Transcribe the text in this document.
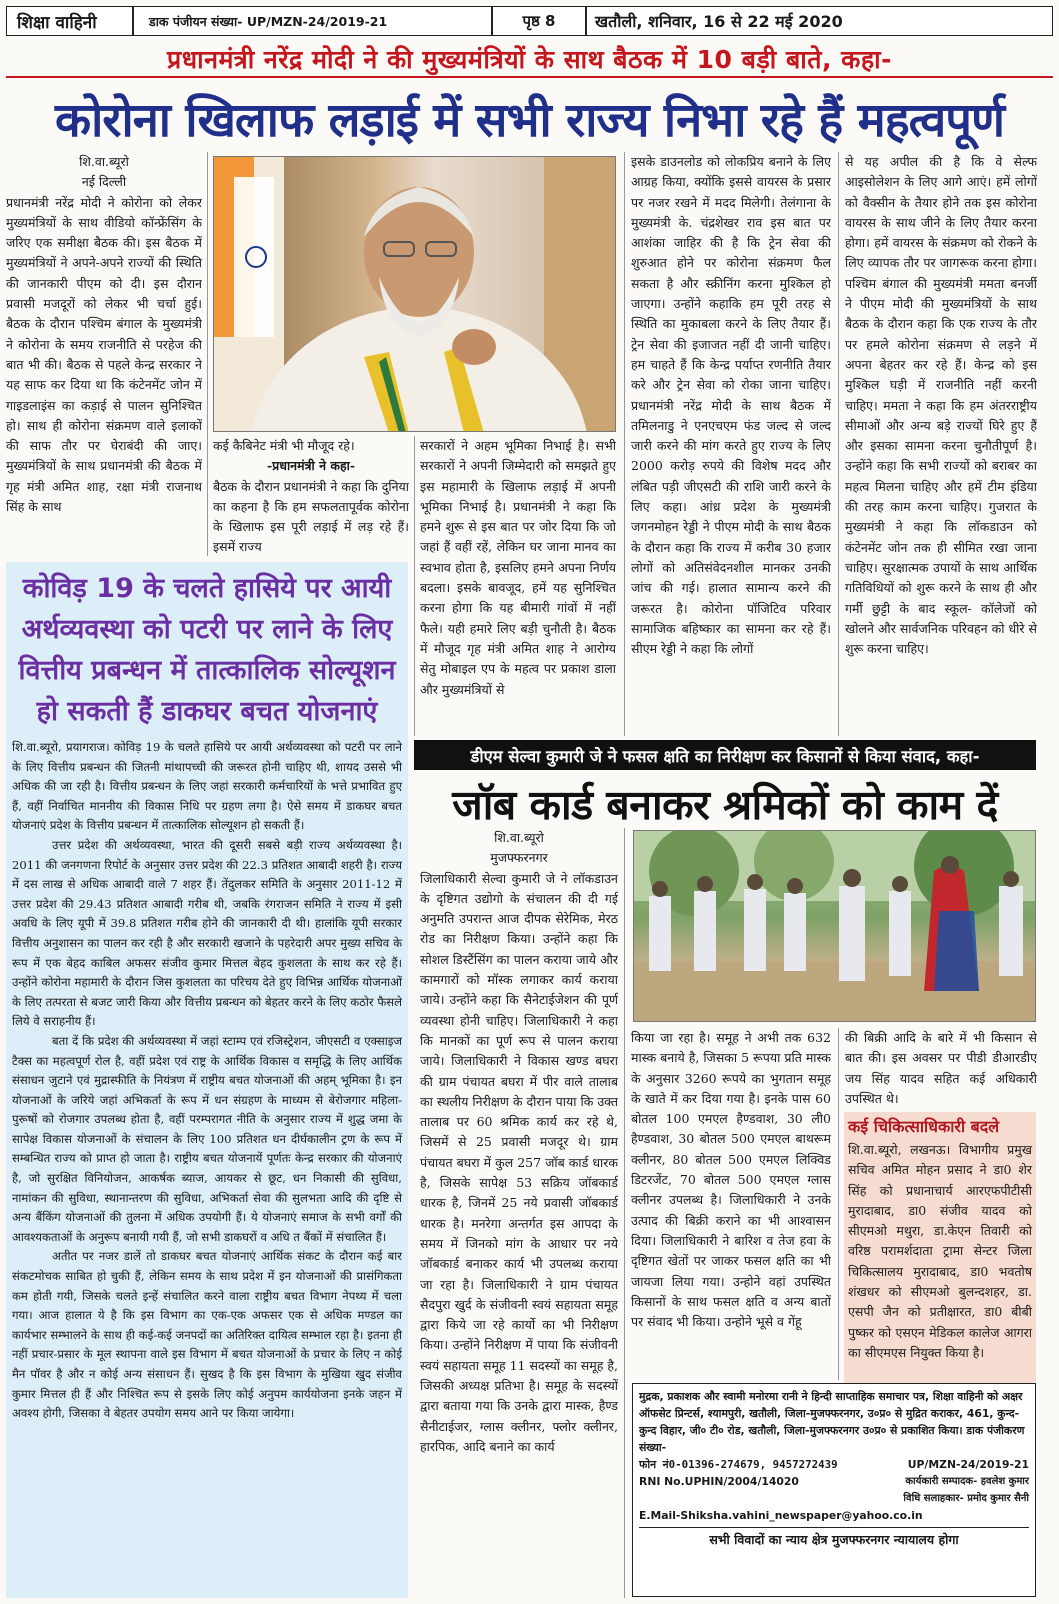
शिक्षा वाहिनी	डाक पंजीयन संख्या- UP/MZN-24/2019-21	पृष्ठ 8	खतौली, शनिवार, 16 से 22 मई 2020
प्रधानमंत्री नरेंद्र मोदी ने की मुख्यमंत्रियों के साथ बैठक में 10 बड़ी बाते, कहा-
कोरोना खिलाफ लड़ाई में सभी राज्य निभा रहे हैं महत्वपूर्ण

शि.वा.ब्यूरो

नई दिल्ली

प्रधानमंत्री नरेंद्र मोदी ने कोरोना को लेकर मुख्यमंत्रियों के साथ वीडियो कॉन्फ्रेंसिंग के जरिए एक समीक्षा बैठक की। इस बैठक में मुख्यमंत्रियों ने अपने-अपने राज्यों की स्थिति की जानकारी पीएम को दी। इस दौरान प्रवासी मजदूरों को लेकर भी चर्चा हुई। बैठक के दौरान पश्चिम बंगाल के मुख्यमंत्री ने कोरोना के समय राजनीति से परहेज की बात भी की। बैठक से पहले केन्द्र सरकार ने यह साफ कर दिया था कि कंटेनमेंट जोन में गाइडलाइंस का कड़ाई से पालन सुनिश्चित हो। साथ ही कोरोना संक्रमण वाले इलाकों की साफ तौर पर घेराबंदी की जाए। मुख्यमंत्रियों के साथ प्रधानमंत्री की बैठक में गृह मंत्री अमित शाह, रक्षा मंत्री राजनाथ सिंह के साथ

कई कैबिनेट मंत्री भी मौजूद रहे।

-प्रधानमंत्री ने कहा-

बैठक के दौरान प्रधानमंत्री ने कहा कि दुनिया का कहना है कि हम सफलतापूर्वक कोरोना के खिलाफ इस पूरी लड़ाई में लड़ रहे हैं। इसमें राज्य

सरकारों ने अहम भूमिका निभाई है। सभी सरकारों ने अपनी जिम्मेदारी को समझते हुए इस महामारी के खिलाफ लड़ाई में अपनी भूमिका निभाई है। प्रधानमंत्री ने कहा कि हमने शुरू से इस बात पर जोर दिया कि जो जहां हैं वहीं रहें, लेकिन घर जाना मानव का स्वभाव होता है, इसलिए हमने अपना निर्णय बदला। इसके बावजूद, हमें यह सुनिश्चित करना होगा कि यह बीमारी गांवों में नहीं फैले। यही हमारे लिए बड़ी चुनौती है। बैठक में मौजूद गृह मंत्री अमित शाह ने आरोग्य सेतु मोबाइल एप के महत्व पर प्रकाश डाला और मुख्यमंत्रियों से

इसके डाउनलोड को लोकप्रिय बनाने के लिए आग्रह किया, क्योंकि इससे वायरस के प्रसार पर नजर रखने में मदद मिलेगी। तेलंगाना के मुख्यमंत्री के. चंद्रशेखर राव इस बात पर आशंका जाहिर की है कि ट्रेन सेवा की शुरुआत होने पर कोरोना संक्रमण फैल सकता है और स्क्रीनिंग करना मुश्किल हो जाएगा। उन्होंने कहाकि हम पूरी तरह से स्थिति का मुकाबला करने के लिए तैयार हैं। ट्रेन सेवा की इजाजत नहीं दी जानी चाहिए। हम चाहते हैं कि केन्द्र पर्याप्त रणनीति तैयार करे और ट्रेन सेवा को रोका जाना चाहिए। प्रधानमंत्री नरेंद्र मोदी के साथ बैठक में तमिलनाडु ने एनएचएम फंड जल्द से जल्द जारी करने की मांग करते हुए राज्य के लिए 2000 करोड़ रुपये की विशेष मदद और लंबित पड़ी जीएसटी की राशि जारी करने के लिए कहा। आंध्र प्रदेश के मुख्यमंत्री जगनमोहन रेड्डी ने पीएम मोदी के साथ बैठक के दौरान कहा कि राज्य में करीब 30 हजार लोगों को अतिसंवेदनशील मानकर उनकी जांच की गई। हालात सामान्य करने की जरूरत है। कोरोना पॉजिटिव परिवार सामाजिक बहिष्कार का सामना कर रहे हैं। सीएम रेड्डी ने कहा कि लोगों

से यह अपील की है कि वे सेल्फ आइसोलेशन के लिए आगे आएं। हमें लोगों को वैक्सीन के तैयार होने तक इस कोरोना वायरस के साथ जीने के लिए तैयार करना होगा। हमें वायरस के संक्रमण को रोकने के लिए व्यापक तौर पर जागरूक करना होगा। पश्चिम बंगाल की मुख्यमंत्री ममता बनर्जी ने पीएम मोदी की मुख्यमंत्रियों के साथ बैठक के दौरान कहा कि एक राज्य के तौर पर हमले कोरोना संक्रमण से लड़ने में अपना बेहतर कर रहे हैं। केन्द्र को इस मुश्किल घड़ी में राजनीति नहीं करनी चाहिए। ममता ने कहा कि हम अंतरराष्ट्रीय सीमाओं और अन्य बड़े राज्यों घिरे हुए हैं और इसका सामना करना चुनौतीपूर्ण है। उन्होंने कहा कि सभी राज्यों को बराबर का महत्व मिलना चाहिए और हमें टीम इंडिया की तरह काम करना चाहिए। गुजरात के मुख्यमंत्री ने कहा कि लॉकडाउन को कंटेनमेंट जोन तक ही सीमित रखा जाना चाहिए। सुरक्षात्मक उपायों के साथ आर्थिक गतिविधियों को शुरू करने के साथ ही और गर्मी छुट्टी के बाद स्कूल- कॉलेजों को खोलने और सार्वजनिक परिवहन को धीरे से शुरू करना चाहिए।

कोविड़ 19 के चलते हासिये पर आयी अर्थव्यवस्था को पटरी पर लाने के लिए वित्तीय प्रबन्धन में तात्कालिक सोल्यूशन हो सकती हैं डाकघर बचत योजनाएं

शि.वा.ब्यूरो, प्रयागराज। कोविड़ 19 के चलते हासिये पर आयी अर्थव्यवस्था को पटरी पर लाने के लिए वित्तीय प्रबन्धन की जितनी मांथापच्ची की जरूरत होनी चाहिए थी, शायद उससे भी अधिक की जा रही है। वित्तीय प्रबन्धन के लिए जहां सरकारी कर्मचारियों के भत्ते प्रभावित हुए हैं, वहीं निर्वाचित माननीय की विकास निधि पर ग्रहण लगा है। ऐसे समय में डाकघर बचत योजनाएं प्रदेश के वित्तीय प्रबन्धन में तात्कालिक सोल्यूशन हो सकती हैं।

उत्तर प्रदेश की अर्थव्यवस्था, भारत की दूसरी सबसे बड़ी राज्य अर्थव्यवस्था है। 2011 की जनगणना रिपोर्ट के अनुसार उत्तर प्रदेश की 22.3 प्रतिशत आबादी शहरी है। राज्य में दस लाख से अधिक आबादी वाले 7 शहर हैं। तेंदुलकर समिति के अनुसार 2011-12 में उत्तर प्रदेश की 29.43 प्रतिशत आबादी गरीब थी, जबकि रंगराजन समिति ने राज्य में इसी अवधि के लिए यूपी में 39.8 प्रतिशत गरीब होने की जानकारी दी थी। हालांकि यूपी सरकार वित्तीय अनुशासन का पालन कर रही है और सरकारी खजाने के पहरेदारी अपर मुख्य सचिव के रूप में एक बेहद काबिल अफसर संजीव कुमार मित्तल बेहद कुशलता के साथ कर रहे हैं। उन्होंने कोरोना महामारी के दौरान जिस कुशलता का परिचय देते हुए विभिन्न आर्थिक योजनाओं के लिए तत्परता से बजट जारी किया और वित्तीय प्रबन्धन को बेहतर करने के लिए कठोर फैसले लिये वे सराहनीय हैं।

बता दें कि प्रदेश की अर्थव्यवस्था में जहां स्टाम्प एवं रजिस्ट्रेशन, जीएसटी व एक्साइज टैक्स का महत्वपूर्ण रोल है, वहीं प्रदेश एवं राष्ट्र के आर्थिक विकास व समृद्धि के लिए आर्थिक संसाधन जुटाने एवं मुद्रास्फीति के नियंत्रण में राष्ट्रीय बचत योजनाओं की अहम् भूमिका है। इन योजनाओं के जरिये जहां अभिकर्ता के रूप में धन संग्रहण के माध्यम से बेरोजगार महिला-पुरूषों को रोजगार उपलब्ध होता है, वहीं परम्परागत नीति के अनुसार राज्य में शुद्ध जमा के सापेक्ष विकास योजनाओं के संचालन के लिए 100 प्रतिशत धन दीर्घकालीन ट्रण के रूप में सम्बन्धित राज्य को प्राप्त हो जाता है। राष्ट्रीय बचत योजनायें पूर्णतः केन्द्र सरकार की योजनाएं है, जो सुरक्षित विनियोजन, आकर्षक ब्याज, आयकर से छूट, धन निकासी की सुविधा, नामांकन की सुविधा, स्थानान्तरण की सुविधा, अभिकर्ता सेवा की सुलभता आदि की दृष्टि से अन्य बैंकिंग योजनाओं की तुलना में अधिक उपयोगी हैं। ये योजनाएं समाज के सभी वर्गों की आवश्यकताओं के अनुरूप बनायी गयी हैं, जो सभी डाकघरों व अधि त बैंकों में संचालित हैं।

अतीत पर नजर डालें तो डाकघर बचत योजनाएं आर्थिक संकट के दौरान कई बार संकटमोचक साबित हो चुकी हैं, लेकिन समय के साथ प्रदेश में इन योजनाओं की प्रासंगिकता कम होती गयी, जिसके चलते इन्हें संचालित करने वाला राष्ट्रीय बचत विभाग नेपथ्य में चला गया। आज हालात ये है कि इस विभाग का एक-एक अफसर एक से अधिक मण्डल का कार्यभार सम्भालने के साथ ही कई-कई जनपदों का अतिरिक्त दायित्व सम्भाल रहा है। इतना ही नहीं प्रचार-प्रसार के मूल स्थापना वाले इस विभाग में बचत योजनाओं के प्रचार के लिए न कोई मैन पॉवर है और न कोई अन्य संसाधन हैं। सुखद है कि इस विभाग के मुखिया खुद संजीव कुमार मित्तल ही हैं और निश्चित रूप से इसके लिए कोई अनुपम कार्ययोजना इनके जहन में अवश्य होगी, जिसका वे बेहतर उपयोग समय आने पर किया जायेगा।

डीएम सेल्वा कुमारी जे ने फसल क्षति का निरीक्षण कर किसानों से किया संवाद, कहा-
जॉब कार्ड बनाकर श्रमिकों को काम दें

शि.वा.ब्यूरो

मुजफ्फरनगर

जिलाधिकारी सेल्वा कुमारी जे ने लॉकडाउन के दृष्टिगत उद्योगो के संचालन की दी गई अनुमति उपरान्त आज दीपक सेरेमिक, मेरठ रोड का निरीक्षण किया। उन्होंने कहा कि सोशल डिस्टैंसिंग का पालन कराया जाये और कामगारों को मॉस्क लगाकर कार्य कराया जाये। उन्होंने कहा कि सैनेटाईजेशन की पूर्ण व्यवस्था होनी चाहिए। जिलाधिकारी ने कहा कि मानकों का पूर्ण रूप से पालन कराया जाये। जिलाधिकारी ने विकास खण्ड बघरा की ग्राम पंचायत बघरा में पीर वाले तालाब का स्थलीय निरीक्षण के दौरान पाया कि उक्त तालाब पर 60 श्रमिक कार्य कर रहे थे, जिसमें से 25 प्रवासी मजदूर थे। ग्राम पंचायत बघरा में कुल 257 जॉब कार्ड धारक है, जिसके सापेक्ष 53 सक्रिय जॉबकार्ड धारक है, जिनमें 25 नये प्रवासी जॉबकार्ड धारक है। मनरेगा अन्तर्गत इस आपदा के समय में जिनको मांग के आधार पर नये जॉबकार्ड बनाकर कार्य भी उपलब्ध कराया जा रहा है। जिलाधिकारी ने ग्राम पंचायत सैदपुरा खुर्द के संजीवनी स्वयं सहायता समूह द्वारा किये जा रहे कार्यो का भी निरीक्षण किया। उन्होंने निरीक्षण में पाया कि संजीवनी स्वयं सहायता समूह 11 सदस्यों का समूह है, जिसकी अध्यक्ष प्रतिभा है। समूह के सदस्यों द्वारा बताया गया कि उनके द्वारा मास्क, हैण्ड सैनीटाईजर, ग्लास क्लीनर, फ्लोर क्लीनर, हारपिक, आदि बनाने का कार्य

किया जा रहा है। समूह ने अभी तक 632 मास्क बनाये है, जिसका 5 रूपया प्रति मास्क के अनुसार 3260 रूपये का भुगतान समूह के खाते में कर दिया गया है। इनके पास 60 बोतल 100 एमएल हैण्डवाश, 30 ली0 हैण्डवाश, 30 बोतल 500 एमएल बाथरूम क्लीनर, 80 बोतल 500 एमएल लिक्विड डिटरजेंट, 70 बोतल 500 एमएल ग्लास क्लीनर उपलब्ध है। जिलाधिकारी ने उनके उत्पाद की बिक्री कराने का भी आश्वासन दिया। जिलाधिकारी ने बारिश व तेज हवा के दृष्टिगत खेतों पर जाकर फसल क्षति का भी जायजा लिया गया। उन्होने वहां उपस्थित किसानों के साथ फसल क्षति व अन्य बातों पर संवाद भी किया। उन्होने भूसे व गेंहू

की बिक्री आदि के बारे में भी किसान से बात की। इस अवसर पर पीडी डीआरडीए जय सिंह यादव सहित कई अधिकारी उपस्थित थे।

कई चिकित्साधिकारी बदले

शि.वा.ब्यूरो, लखनऊ। विभागीय प्रमुख सचिव अमित मोहन प्रसाद ने डा0 शेर सिंह को प्रधानाचार्य आरएफपीटीसी मुरादाबाद, डा0 संजीव यादव को सीएमओ मथुरा, डा.केएन तिवारी को वरिष्ठ परामर्शदाता ट्रामा सेन्टर जिला चिकित्सालय मुरादाबाद, डा0 भवतोष शंखधर को सीएमओ बुलन्दशहर, डा. एसपी जैन को प्रतीक्षारत, डा0 बीबी पुष्कर को एसएन मेडिकल कालेज आगरा का सीएमएस नियुक्त किया है।

मुद्रक, प्रकाशक और स्वामी मनोरमा रानी ने हिन्दी साप्ताहिक समाचार पत्र, शिक्षा वाहिनी को अक्षर ऑफसेट प्रिन्टर्स, श्यामपुरी, खतौली, जिला-मुजफ्फरनगर, उ०प्र० से मुद्रित कराकर, 461, कुन्द-कुन्द विहार, जी० टी० रोड, खतौली, जिला-मुजफ्फरनगर उ०प्र० से प्रकाशित किया। डाक पंजीकरण संख्या-
फोन नं0-01396-274679, 9457272439	UP/MZN-24/2019-21
RNI No.UPHIN/2004/14020	कार्यकारी सम्पादक- हवलेश कुमार
विधि सलाहकार- प्रमोद कुमार सैनी
E.Mail-Shiksha.vahini_newspaper@yahoo.co.in
सभी विवादों का न्याय क्षेत्र मुजफ्फरनगर न्यायालय होगा
